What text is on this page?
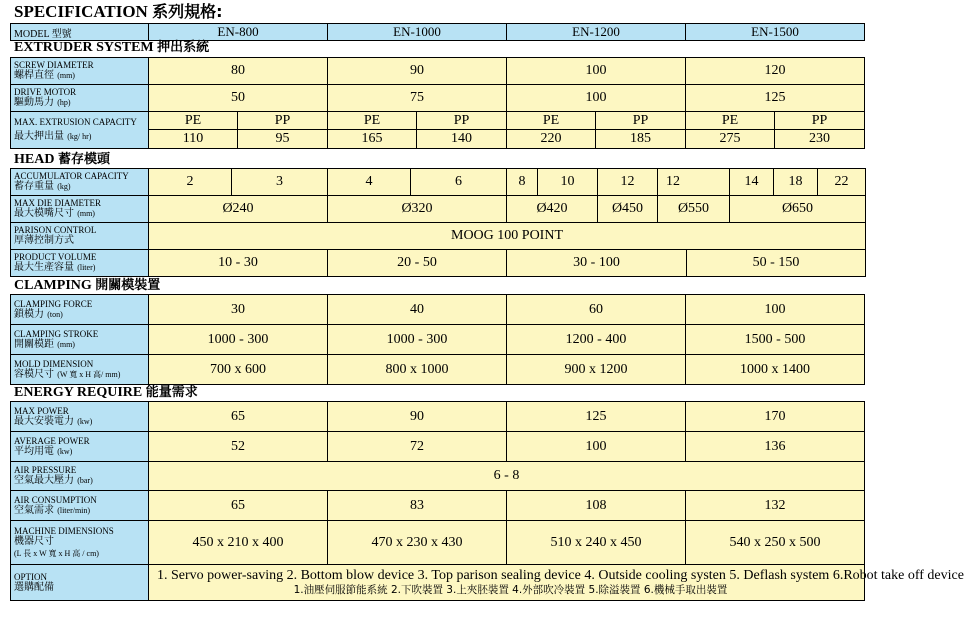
SPECIFICATION 系列規格:
MODEL 型號	EN-800	EN-1000	EN-1200	EN-1500
EXTRUDER SYSTEM 押出系統
SCREW DIAMETER
螺桿直徑 (mm)	80		90		100		120	

DRIVE MOTOR
驅動馬力 (hp)	50		75		100		125	

MAX. EXTRUSION CAPACITY
最大押出量 (kg/ hr)	PE	PP	PE	PP	PE	PP	PE	PP
	110	95	165	140	220	185	275	230
HEAD 蓄存模頭
ACCUMULATOR CAPACITY
蓄存重量 (kg)	2	3	4	6	8	10	12	12		14	18	22

MAX DIE DIAMETER
最大模嘴尺寸 (mm)	Ø240		Ø320		Ø420		Ø450	Ø550		Ø650		

PARISON CONTROL
厚薄控制方式	MOOG 100 POINT											

PRODUCT VOLUME
最大生產容量 (liter)	10 - 30		20 - 50		30 - 100				50 - 150			
CLAMPING 開關模裝置
CLAMPING FORCE
鎖模力 (ton)	30	40	60	100

CLAMPING STROKE
開關模距 (mm)	1000 - 300	1000 - 300	1200 - 400	1500 - 500

MOLD DIMENSION
容模尺寸 (W 寬 x H 高/ mm)	700 x 600	800 x 1000	900 x 1200	1000 x 1400
ENERGY REQUIRE 能量需求
MAX POWER
最大安裝電力 (kw)	65	90	125	170

AVERAGE POWER
平均用電 (kw)	52	72	100	136

AIR PRESSURE
空氣最大壓力 (bar)	6 - 8			

AIR CONSUMPTION
空氣需求 (liter/min)	65	83	108	132

MACHINE DIMENSIONS
機器尺寸
(L 長 x W 寬 x H 高 / cm)	450 x 210 x 400	470 x 230 x 430	510 x 240 x 450	540 x 250 x 500

OPTION
選購配備	1. Servo power-saving 2. Bottom blow device 3. Top parison sealing device 4. Outside cooling systen 5. Deflash system 6.Robot take off device
1.油壓伺服節能系統 2.下吹裝置 3.上夾胚裝置 4.外部吹冷裝置 5.除溢裝置 6.機械手取出裝置			
